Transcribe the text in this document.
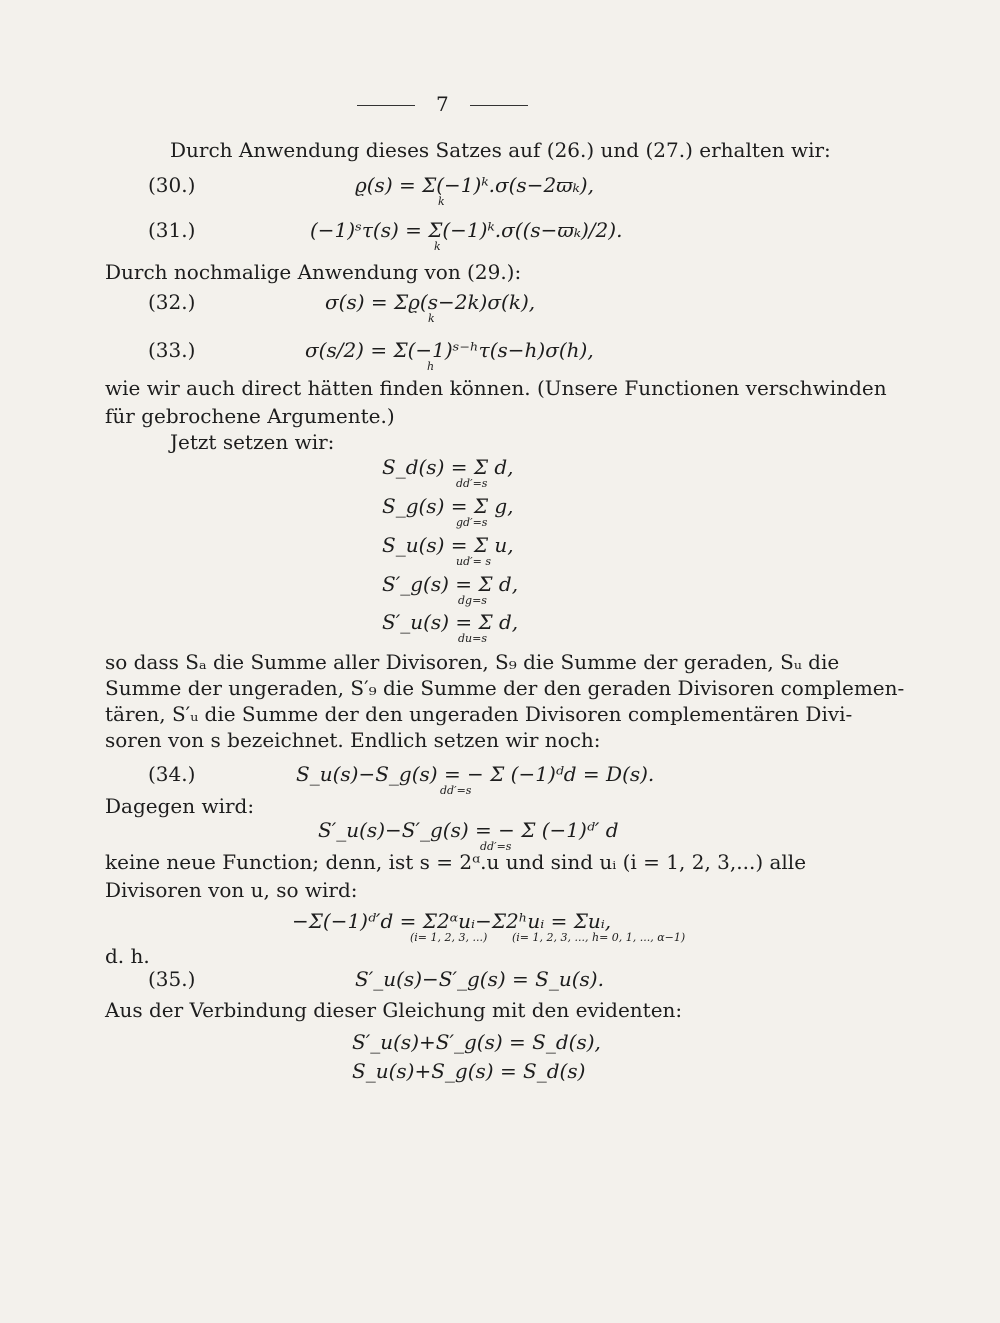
7
Durch Anwendung dieses Satzes auf (26.) und (27.) erhalten wir:
(30.)	ϱ(s) = Σ(−1)ᵏ.σ(s−2ϖₖ),
k
(31.)	(−1)ˢτ(s) = Σ(−1)ᵏ.σ((s−ϖₖ)/2).
k
Durch nochmalige Anwendung von (29.):
(32.)	σ(s) = Σϱ(s−2k)σ(k),
k
(33.)	σ(s/2) = Σ(−1)ˢ⁻ʰτ(s−h)σ(h),
h
wie wir auch direct hätten finden können. (Unsere Functionen verschwinden
für gebrochene Argumente.)
Jetzt setzen wir:
S_d(s) = Σ d,
dd′=s
S_g(s) = Σ g,
gd′=s
S_u(s) = Σ u,
ud′= s
S′_g(s) = Σ d,
dg=s
S′_u(s) = Σ d,
du=s
so dass Sₐ die Summe aller Divisoren, S₉ die Summe der geraden, Sᵤ die
Summe der ungeraden, S′₉ die Summe der den geraden Divisoren complemen-
tären, S′ᵤ die Summe der den ungeraden Divisoren complementären Divi-
soren von s bezeichnet. Endlich setzen wir noch:
(34.)	S_u(s)−S_g(s) = − Σ (−1)ᵈd = D(s).
dd′=s
Dagegen wird:
S′_u(s)−S′_g(s) = − Σ (−1)ᵈ′ d
dd′=s
keine neue Function; denn, ist s = 2ᵅ.u und sind uᵢ (i = 1, 2, 3,...) alle
Divisoren von u, so wird:
−Σ(−1)ᵈ′d = Σ2ᵅuᵢ−Σ2ʰuᵢ = Σuᵢ,
(i= 1, 2, 3, ...) (i= 1, 2, 3, ..., h= 0, 1, ..., α−1)
d. h.
(35.)	S′_u(s)−S′_g(s) = S_u(s).
Aus der Verbindung dieser Gleichung mit den evidenten:
S′_u(s)+S′_g(s) = S_d(s),
S_u(s)+S_g(s) = S_d(s)
